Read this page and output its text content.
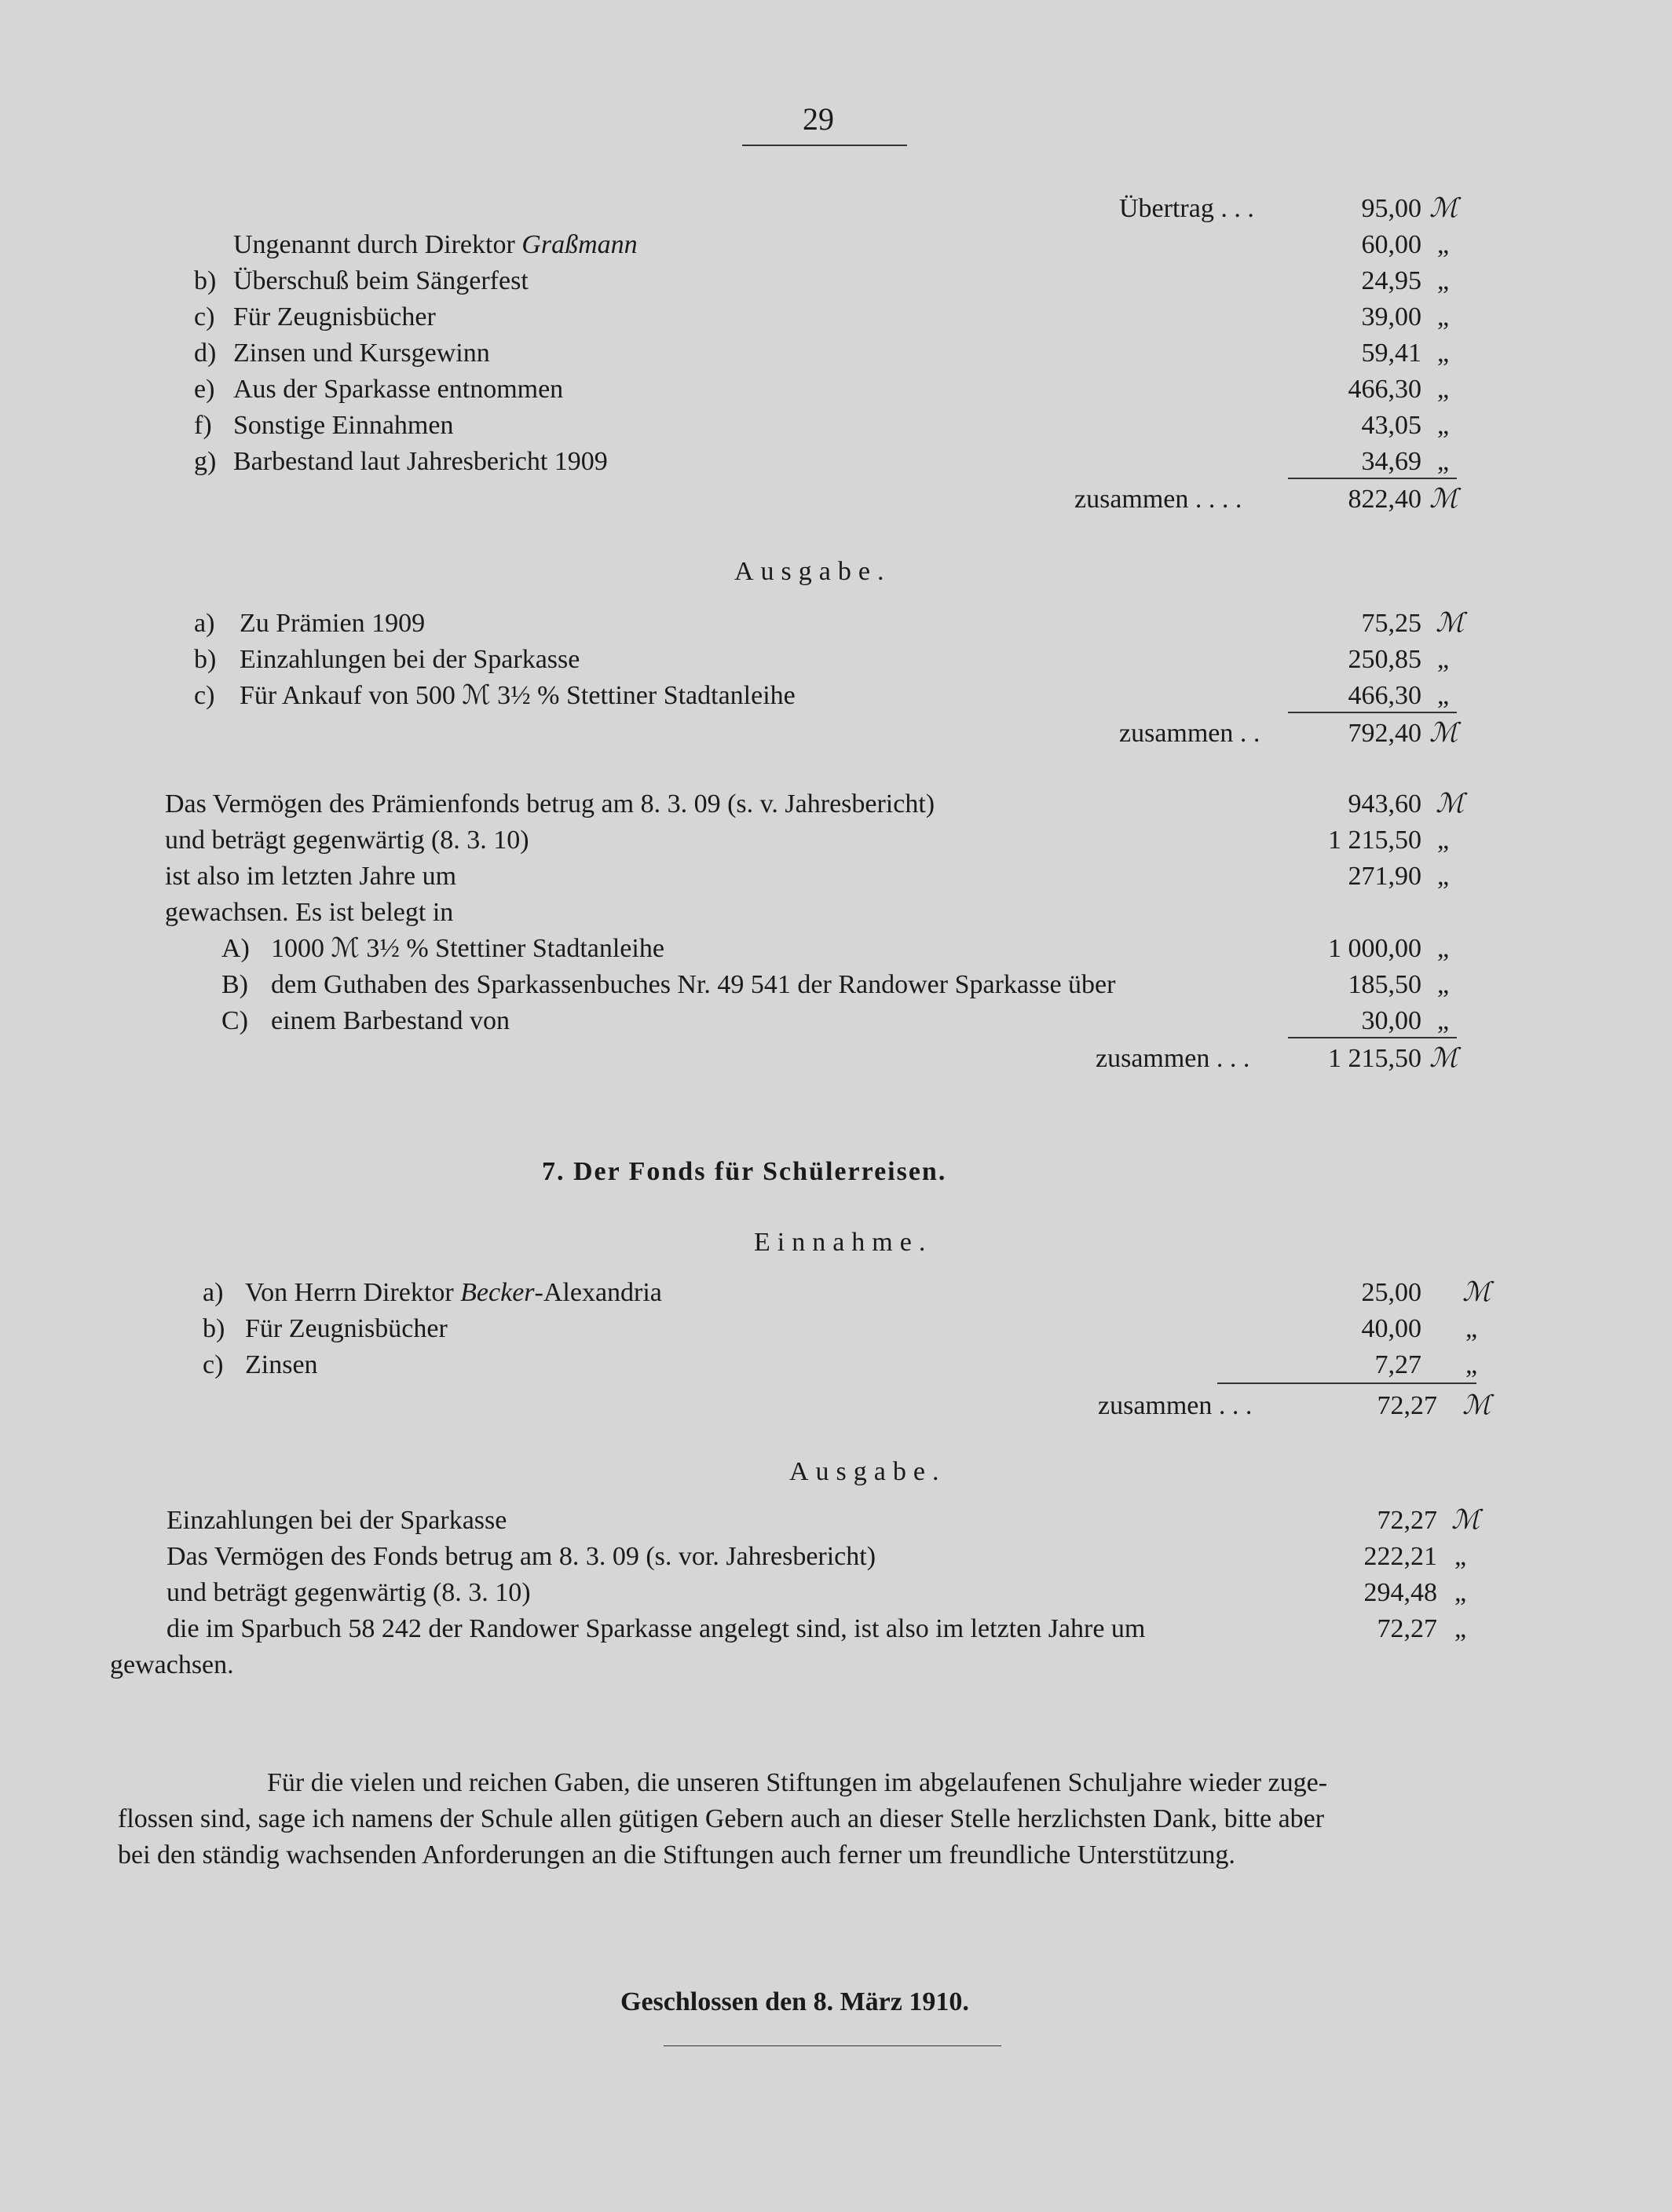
29
Übertrag . . .	95,00 ℳ
Ungenannt durch Direktor Graßmann	60,00 „
b) Überschuß beim Sängerfest	24,95 „
c) Für Zeugnisbücher	39,00 „
d) Zinsen und Kursgewinn	59,41 „
e) Aus der Sparkasse entnommen	466,30 „
f) Sonstige Einnahmen	43,05 „
g) Barbestand laut Jahresbericht 1909	34,69 „
zusammen . . . .	822,40 ℳ
Ausgabe.
a) Zu Prämien 1909	75,25 ℳ
b) Einzahlungen bei der Sparkasse	250,85 „
c) Für Ankauf von 500 ℳ 3½ % Stettiner Stadtanleihe	466,30 „
zusammen . .	792,40 ℳ
Das Vermögen des Prämienfonds betrug am 8. 3. 09 (s. v. Jahresbericht)	943,60 ℳ
und beträgt gegenwärtig (8. 3. 10)	1 215,50 „
ist also im letzten Jahre um	271,90 „
gewachsen. Es ist belegt in
A) 1000 ℳ 3½ % Stettiner Stadtanleihe	1 000,00 „
B) dem Guthaben des Sparkassenbuches Nr. 49 541 der Randower Sparkasse über	185,50 „
C) einem Barbestand von	30,00 „
zusammen . . .	1 215,50 ℳ
7. Der Fonds für Schülerreisen.
Einnahme.
a) Von Herrn Direktor Becker-Alexandria	25,00 ℳ
b) Für Zeugnisbücher	40,00 „
c) Zinsen	7,27 „
zusammen . . .	72,27 ℳ
Ausgabe.
Einzahlungen bei der Sparkasse	72,27 ℳ
Das Vermögen des Fonds betrug am 8. 3. 09 (s. vor. Jahresbericht)	222,21 „
und beträgt gegenwärtig (8. 3. 10)	294,48 „
die im Sparbuch 58 242 der Randower Sparkasse angelegt sind, ist also im letzten Jahre um	72,27 „
gewachsen.
Für die vielen und reichen Gaben, die unseren Stiftungen im abgelaufenen Schuljahre wieder zuge-
flossen sind, sage ich namens der Schule allen gütigen Gebern auch an dieser Stelle herzlichsten Dank, bitte aber
bei den ständig wachsenden Anforderungen an die Stiftungen auch ferner um freundliche Unterstützung.
Geschlossen den 8. März 1910.
